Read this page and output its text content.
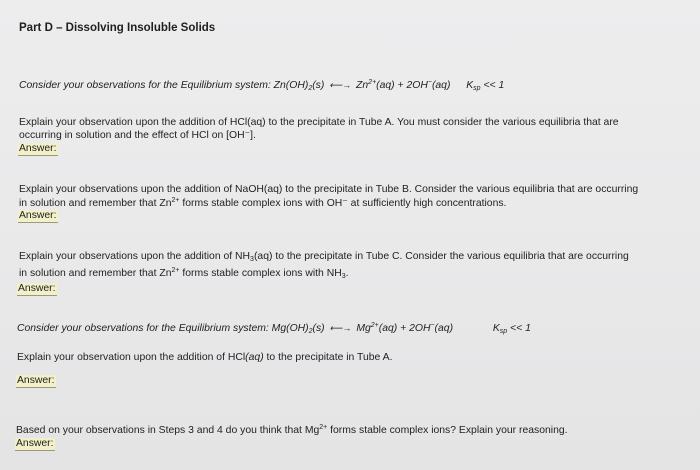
Part D – Dissolving Insoluble Solids
Consider your observations for the Equilibrium system: $Zn(OH)_2(s)$ ⟵→ $Zn^{2+}(aq) + 2OH^-(aq) K_{sp} << 1$
Explain your observation upon the addition of HCl(aq) to the precipitate in Tube A. You must consider the various equilibria that are
occurring in solution and the effect of HCl on [OH⁻].
Answer:
Explain your observations upon the addition of NaOH(aq) to the precipitate in Tube B. Consider the various equilibria that are occurring
in solution and remember that $Zn^{2+}$ forms stable complex ions with OH⁻ at sufficiently high concentrations.
Answer:
Explain your observations upon the addition of $NH_3(aq)$ to the precipitate in Tube C. Consider the various equilibria that are occurring
in solution and remember that $Zn^{2+}$ forms stable complex ions with $NH_3$.
Answer:
Consider your observations for the Equilibrium system: $Mg(OH)_2(s)$ ⟵→ $Mg^{2+}(aq) + 2OH^-(aq)$	$K_{sp} << 1$
Explain your observation upon the addition of HCl(aq) to the precipitate in Tube A.
Answer:
Based on your observations in Steps 3 and 4 do you think that $Mg^{2+}$ forms stable complex ions? Explain your reasoning.
Answer:
